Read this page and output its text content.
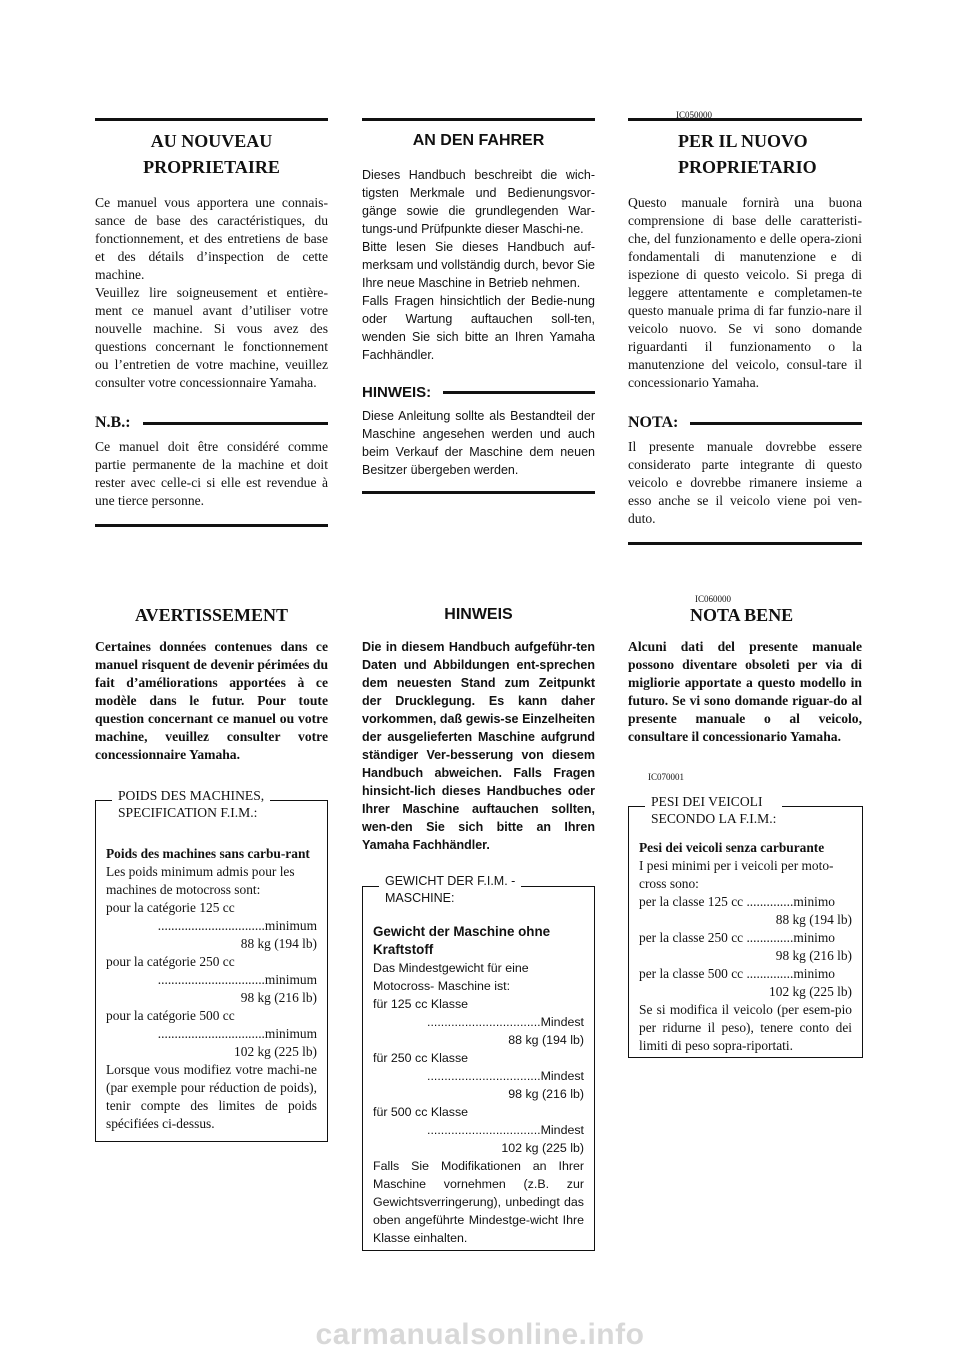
IC050000
AU NOUVEAU
PROPRIETAIRE

Ce manuel vous apportera une connais-sance de base des caractéristiques, du fonctionnement, et des entretiens de base et des détails d’inspection de cette machine.
Veuillez lire soigneusement et entière-ment ce manuel avant d’utiliser votre nouvelle machine. Si vous avez des questions concernant le fonctionnement ou l’entretien de votre machine, veuillez consulter votre concessionnaire Yamaha.

N.B.:

Ce manuel doit être considéré comme partie permanente de la machine et doit rester avec celle-ci si elle est revendue à une tierce personne.

AN DEN FAHRER

Dieses Handbuch beschreibt die wich-tigsten Merkmale und Bedienungsvor-gänge sowie die grundlegenden War-tungs-und Prüfpunkte dieser Maschi-ne.
Bitte lesen Sie dieses Handbuch auf-merksam und vollständig durch, bevor Sie Ihre neue Maschine in Betrieb nehmen.
Falls Fragen hinsichtlich der Bedie-nung oder Wartung auftauchen soll-ten, wenden Sie sich bitte an Ihren Yamaha Fachhändler.

HINWEIS:

Diese Anleitung sollte als Bestandteil der Maschine angesehen werden und auch beim Verkauf der Maschine dem neuen Besitzer übergeben werden.

PER IL NUOVO
PROPRIETARIO

Questo manuale fornirà una buona comprensione di base delle caratteristi-che, del funzionamento e delle opera-zioni fondamentali di manutenzione e di ispezione di questo veicolo. Si prega di leggere attentamente e completamen-te questo manuale prima di far funzio-nare il veicolo nuovo. Se vi sono domande riguardanti il funzionamento o la manutenzione del veicolo, consul-tare il concessionario Yamaha.

NOTA:

Il presente manuale dovrebbe essere considerato parte integrante di questo veicolo e dovrebbe rimanere insieme a esso anche se il veicolo viene poi ven-duto.

IC060000
AVERTISSEMENT

Certaines données contenues dans ce manuel risquent de devenir périmées du fait d’améliorations apportées à ce modèle dans le futur. Pour toute question concernant ce manuel ou votre machine, veuillez consulter votre concessionnaire Yamaha.

HINWEIS

Die in diesem Handbuch aufgeführ-ten Daten und Abbildungen ent-sprechen dem neuesten Stand zum Zeitpunkt der Drucklegung. Es kann daher vorkommen, daß gewis-se Einzelheiten der ausgelieferten Maschine aufgrund ständiger Ver-besserung von diesem Handbuch abweichen. Falls Fragen hinsicht-lich dieses Handbuches oder Ihrer Maschine auftauchen sollten, wen-den Sie sich bitte an Ihren Yamaha Fachhändler.

NOTA BENE

Alcuni dati del presente manuale possono diventare obsoleti per via di migliorie apportate a questo modello in futuro. Se vi sono domande riguar-do al presente manuale o al veicolo, consultare il concessionario Yamaha.

IC070001
POIDS DES MACHINES,
SPECIFICATION F.I.M.:

Poids des machines sans carbu-rant

Les poids minimum admis pour les machines de motocross sont:

pour la catégorie 125 cc

................................minimum

88 kg (194 lb)

pour la catégorie 250 cc

................................minimum

98 kg (216 lb)

pour la catégorie 500 cc

................................minimum

102 kg (225 lb)

Lorsque vous modifiez votre machi-ne (par exemple pour réduction de poids), tenir compte des limites de poids spécifiées ci-dessus.

GEWICHT DER F.I.M. -
MASCHINE:

Gewicht der Maschine ohne Kraftstoff

Das Mindestgewicht für eine Motocross- Maschine ist:

für 125 cc Klasse

.................................Mindest

88 kg (194 lb)

für 250 cc Klasse

.................................Mindest

98 kg (216 lb)

für 500 cc Klasse

.................................Mindest

102 kg (225 lb)

Falls Sie Modifikationen an Ihrer Maschine vornehmen (z.B. zur Gewichtsverringerung), unbedingt das oben angeführte Mindestge-wicht Ihre Klasse einhalten.

PESI DEI VEICOLI
SECONDO LA F.I.M.:

Pesi dei veicoli senza carburante

I pesi minimi per i veicoli per moto-cross sono:

per la classe 125 cc ..............minimo

88 kg (194 lb)

per la classe 250 cc ..............minimo

98 kg (216 lb)

per la classe 500 cc ..............minimo

102 kg (225 lb)

Se si modifica il veicolo (per esem-pio per ridurne il peso), tenere conto dei limiti di peso sopra-riportati.

carmanualsonline.info
